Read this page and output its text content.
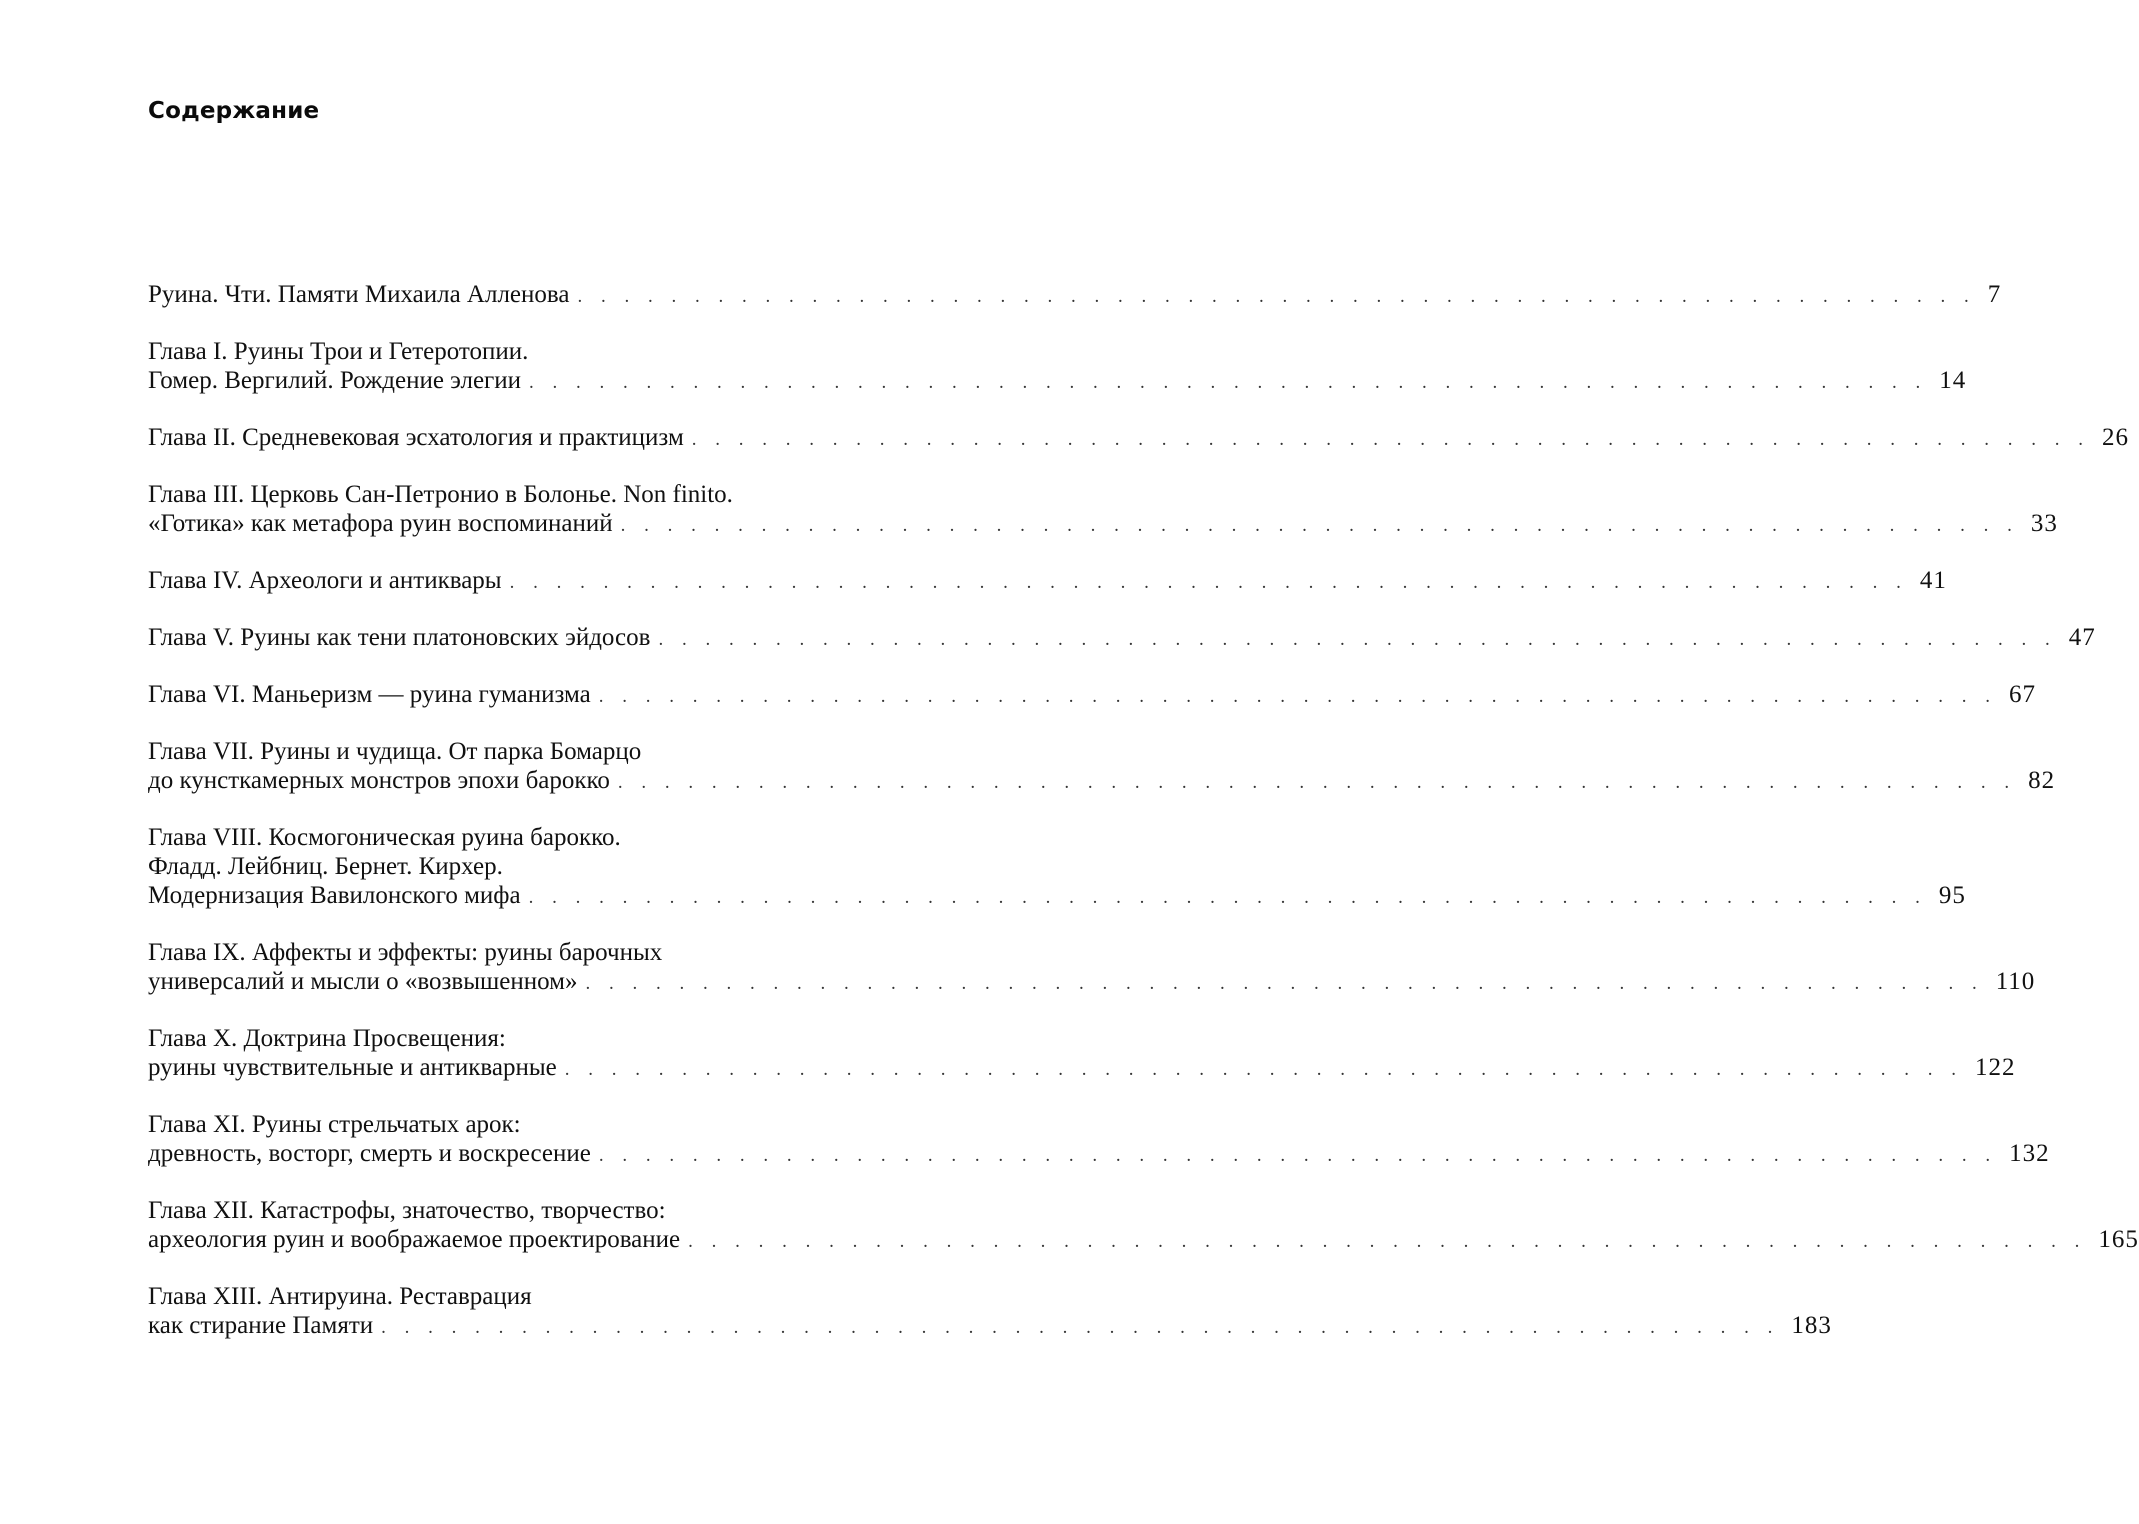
Содержание
Руина. Чти. Памяти Михаила Алленова . . . . . . . . . . . . . . . . . . . . . . . . . . . . . . . . . . . . . . . . . . . . . . . . . . . . . . . . . . . . 7
Глава I. Руины Трои и Гетеротопии.
Гомер. Вергилий. Рождение элегии . . . . . . . . . . . . . . . . . . . . . . . . . . . . . . . . . . . . . . . . . . . . . . . . . . . . . . . . . . . . 14
Глава II. Средневековая эсхатология и практицизм . . . . . . . . . . . . . . . . . . . . . . . . . . . . . . . . . . . . . . . . . . . . . . . . . . . . . . . . . . . . 26
Глава III. Церковь Сан-Петронио в Болонье. Non finito.
«Готика» как метафора руин воспоминаний . . . . . . . . . . . . . . . . . . . . . . . . . . . . . . . . . . . . . . . . . . . . . . . . . . . . . . . . . . . . 33
Глава IV. Археологи и антиквары . . . . . . . . . . . . . . . . . . . . . . . . . . . . . . . . . . . . . . . . . . . . . . . . . . . . . . . . . . . . 41
Глава V. Руины как тени платоновских эйдосов . . . . . . . . . . . . . . . . . . . . . . . . . . . . . . . . . . . . . . . . . . . . . . . . . . . . . . . . . . . . 47
Глава VI. Маньеризм — руина гуманизма . . . . . . . . . . . . . . . . . . . . . . . . . . . . . . . . . . . . . . . . . . . . . . . . . . . . . . . . . . . . 67
Глава VII. Руины и чудища. От парка Бомарцо
до кунсткамерных монстров эпохи барокко . . . . . . . . . . . . . . . . . . . . . . . . . . . . . . . . . . . . . . . . . . . . . . . . . . . . . . . . . . . . 82
Глава VIII. Космогоническая руина барокко.
Фладд. Лейбниц. Бернет. Кирхер.
Модернизация Вавилонского мифа . . . . . . . . . . . . . . . . . . . . . . . . . . . . . . . . . . . . . . . . . . . . . . . . . . . . . . . . . . . . 95
Глава IX. Аффекты и эффекты: руины барочных
универсалий и мысли о «возвышенном» . . . . . . . . . . . . . . . . . . . . . . . . . . . . . . . . . . . . . . . . . . . . . . . . . . . . . . . . . . . . 110
Глава X. Доктрина Просвещения:
руины чувствительные и антикварные . . . . . . . . . . . . . . . . . . . . . . . . . . . . . . . . . . . . . . . . . . . . . . . . . . . . . . . . . . . . 122
Глава XI. Руины стрельчатых арок:
древность, восторг, смерть и воскресение . . . . . . . . . . . . . . . . . . . . . . . . . . . . . . . . . . . . . . . . . . . . . . . . . . . . . . . . . . . . 132
Глава XII. Катастрофы, знаточество, творчество:
археология руин и воображаемое проектирование . . . . . . . . . . . . . . . . . . . . . . . . . . . . . . . . . . . . . . . . . . . . . . . . . . . . . . . . . . . . 165
Глава XIII. Антируина. Реставрация
как стирание Памяти . . . . . . . . . . . . . . . . . . . . . . . . . . . . . . . . . . . . . . . . . . . . . . . . . . . . . . . . . . . . 183
